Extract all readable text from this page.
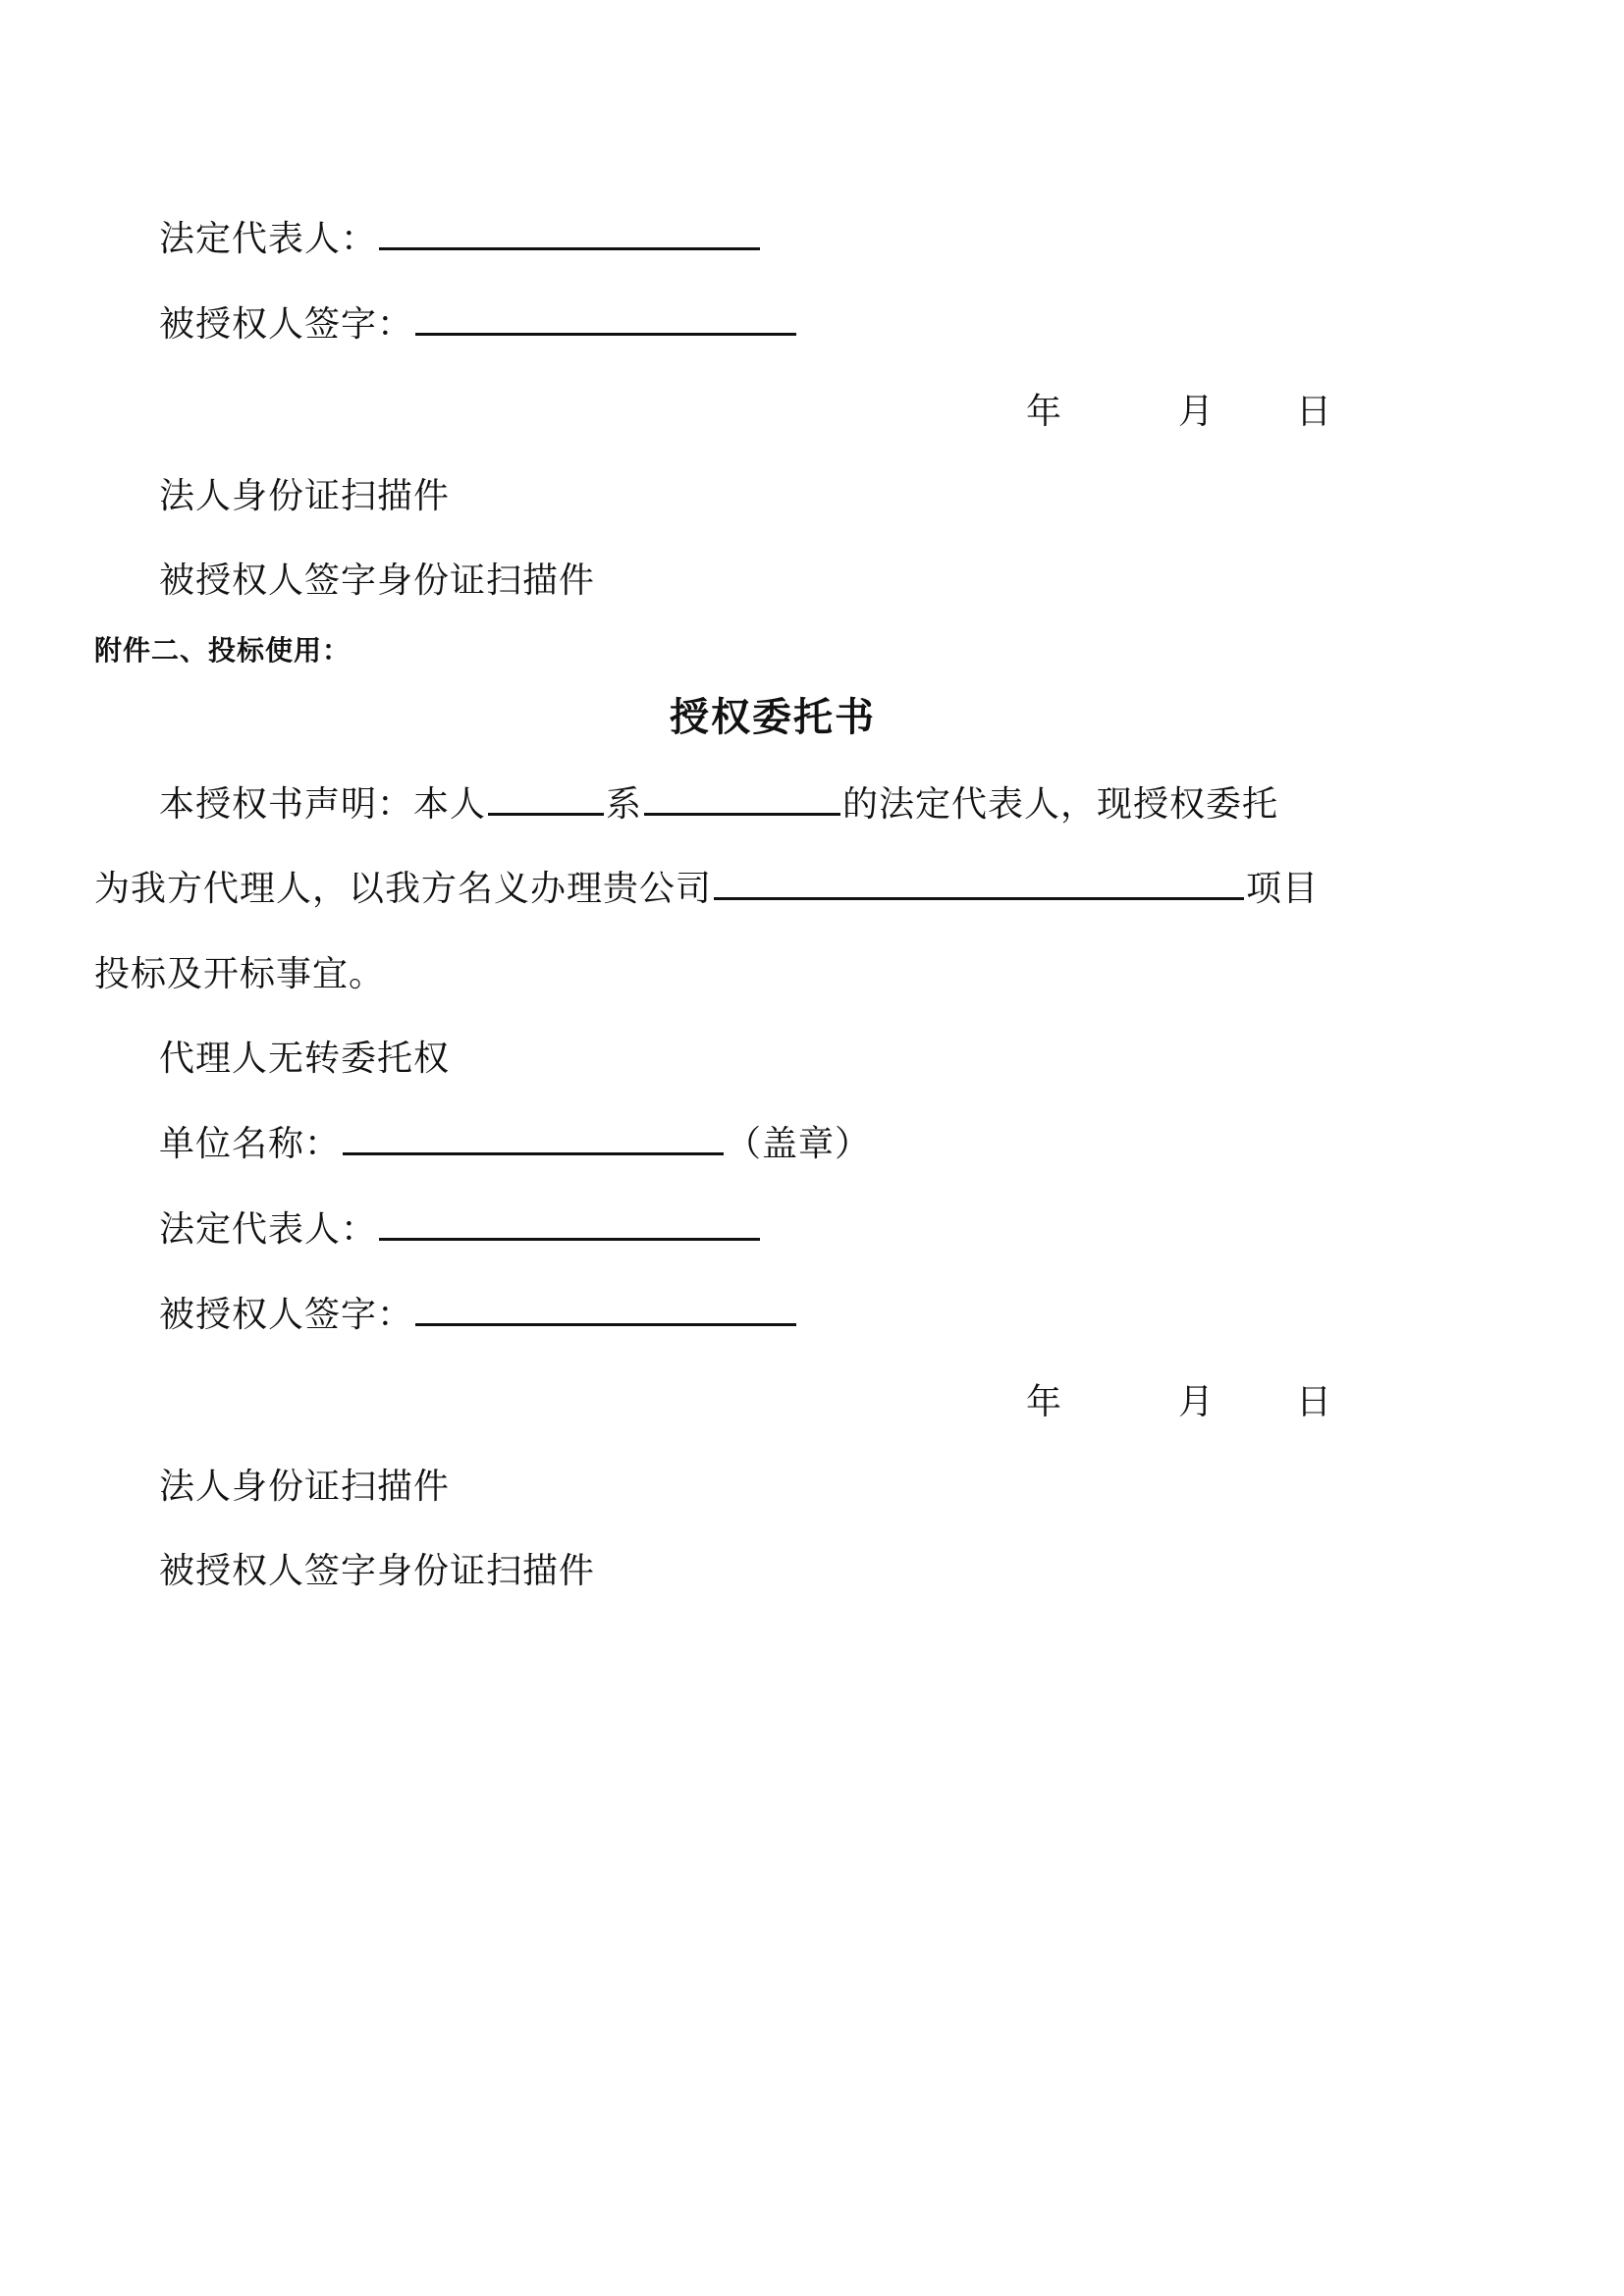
法定代表人：
被授权人签字：
年	月 日
法人身份证扫描件
被授权人签字身份证扫描件
附件二、投标使用：
授权委托书
本授权书声明：本人	系	的法定代表人，现授权委托
为我方代理人，以我方名义办理贵公司	项目
投标及开标事宜。
代理人无转委托权
单位名称：	（盖章）
法定代表人：
被授权人签字：
年	月 日
法人身份证扫描件
被授权人签字身份证扫描件
